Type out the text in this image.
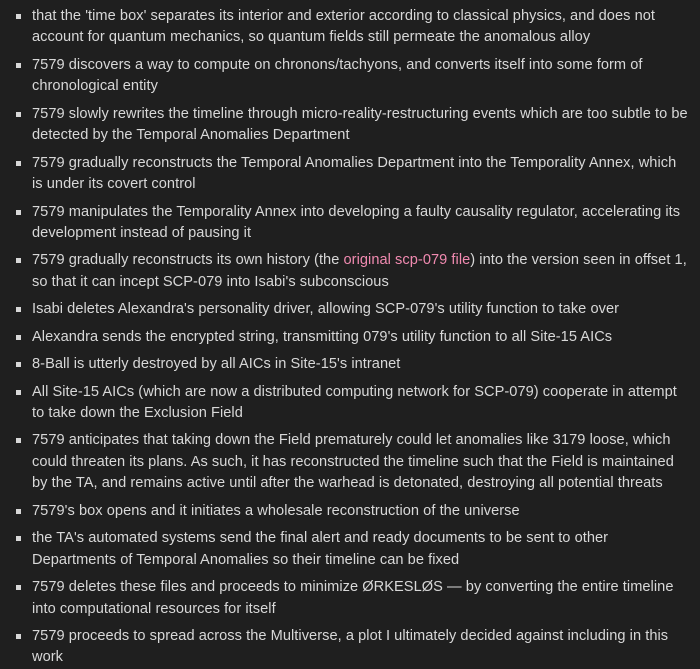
that the 'time box' separates its interior and exterior according to classical physics, and does not account for quantum mechanics, so quantum fields still permeate the anomalous alloy
7579 discovers a way to compute on chronons/tachyons, and converts itself into some form of chronological entity
7579 slowly rewrites the timeline through micro-reality-restructuring events which are too subtle to be detected by the Temporal Anomalies Department
7579 gradually reconstructs the Temporal Anomalies Department into the Temporality Annex, which is under its covert control
7579 manipulates the Temporality Annex into developing a faulty causality regulator, accelerating its development instead of pausing it
7579 gradually reconstructs its own history (the original scp-079 file) into the version seen in offset 1, so that it can incept SCP-079 into Isabi's subconscious
Isabi deletes Alexandra's personality driver, allowing SCP-079's utility function to take over
Alexandra sends the encrypted string, transmitting 079's utility function to all Site-15 AICs
8-Ball is utterly destroyed by all AICs in Site-15's intranet
All Site-15 AICs (which are now a distributed computing network for SCP-079) cooperate in attempt to take down the Exclusion Field
7579 anticipates that taking down the Field prematurely could let anomalies like 3179 loose, which could threaten its plans. As such, it has reconstructed the timeline such that the Field is maintained by the TA, and remains active until after the warhead is detonated, destroying all potential threats
7579's box opens and it initiates a wholesale reconstruction of the universe
the TA's automated systems send the final alert and ready documents to be sent to other Departments of Temporal Anomalies so their timeline can be fixed
7579 deletes these files and proceeds to minimize ØRKESLØS — by converting the entire timeline into computational resources for itself
7579 proceeds to spread across the Multiverse, a plot I ultimately decided against including in this work
